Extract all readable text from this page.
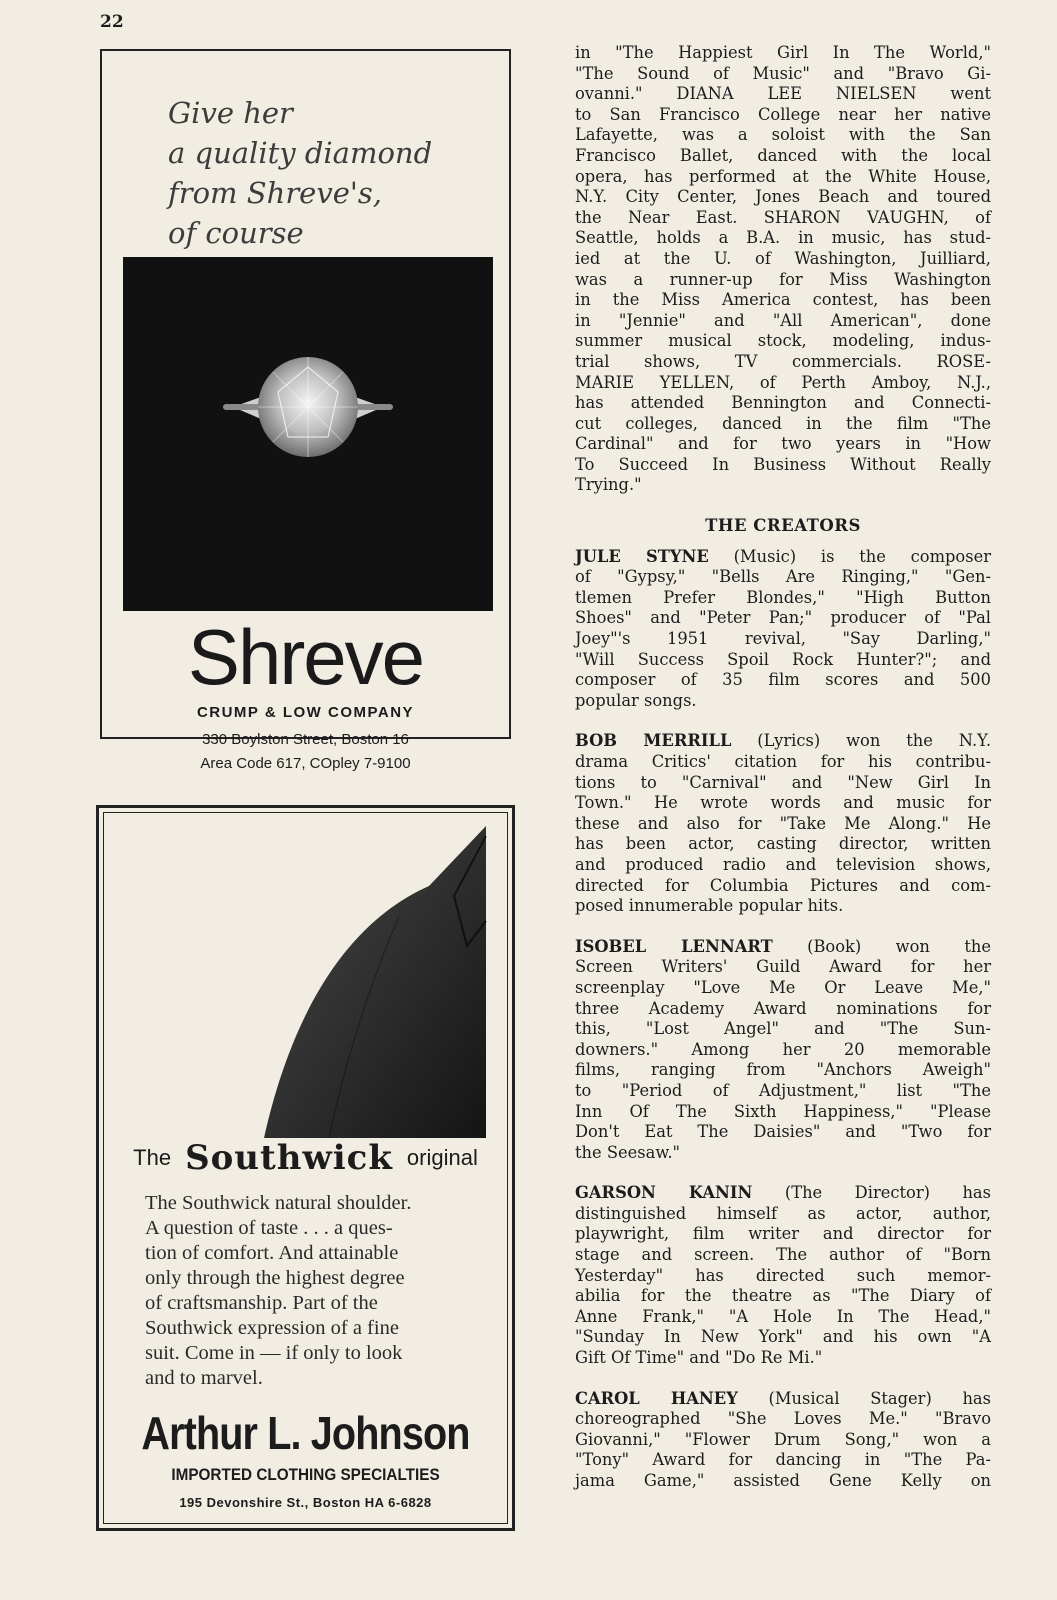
22
Give her
a quality diamond
from Shreve's,
of course
Shreve
CRUMP & LOW COMPANY
330 Boylston Street, Boston 16
Area Code 617, COpley 7-9100
The Southwick original
The Southwick natural shoulder.
A question of taste . . . a ques-
tion of comfort. And attainable
only through the highest degree
of craftsmanship. Part of the
Southwick expression of a fine
suit. Come in — if only to look
and to marvel.
Arthur L. Johnson
IMPORTED CLOTHING SPECIALTIES
195 Devonshire St., Boston HA 6-6828
in "The Happiest Girl In The World,"
"The Sound of Music" and "Bravo Gi-
ovanni." DIANA LEE NIELSEN went
to San Francisco College near her native
Lafayette, was a soloist with the San
Francisco Ballet, danced with the local
opera, has performed at the White House,
N.Y. City Center, Jones Beach and toured
the Near East. SHARON VAUGHN, of
Seattle, holds a B.A. in music, has stud-
ied at the U. of Washington, Juilliard,
was a runner-up for Miss Washington
in the Miss America contest, has been
in "Jennie" and "All American", done
summer musical stock, modeling, indus-
trial shows, TV commercials. ROSE-
MARIE YELLEN, of Perth Amboy, N.J.,
has attended Bennington and Connecti-
cut colleges, danced in the film "The
Cardinal" and for two years in "How
To Succeed In Business Without Really
Trying."
THE CREATORS
JULE STYNE (Music) is the composer
of "Gypsy," "Bells Are Ringing," "Gen-
tlemen Prefer Blondes," "High Button
Shoes" and "Peter Pan;" producer of "Pal
Joey"'s 1951 revival, "Say Darling,"
"Will Success Spoil Rock Hunter?"; and
composer of 35 film scores and 500
popular songs.
BOB MERRILL (Lyrics) won the N.Y.
drama Critics' citation for his contribu-
tions to "Carnival" and "New Girl In
Town." He wrote words and music for
these and also for "Take Me Along." He
has been actor, casting director, written
and produced radio and television shows,
directed for Columbia Pictures and com-
posed innumerable popular hits.
ISOBEL LENNART (Book) won the
Screen Writers' Guild Award for her
screenplay "Love Me Or Leave Me,"
three Academy Award nominations for
this, "Lost Angel" and "The Sun-
downers." Among her 20 memorable
films, ranging from "Anchors Aweigh"
to "Period of Adjustment," list "The
Inn Of The Sixth Happiness," "Please
Don't Eat The Daisies" and "Two for
the Seesaw."
GARSON KANIN (The Director) has
distinguished himself as actor, author,
playwright, film writer and director for
stage and screen. The author of "Born
Yesterday" has directed such memor-
abilia for the theatre as "The Diary of
Anne Frank," "A Hole In The Head,"
"Sunday In New York" and his own "A
Gift Of Time" and "Do Re Mi."
CAROL HANEY (Musical Stager) has
choreographed "She Loves Me." "Bravo
Giovanni," "Flower Drum Song," won a
"Tony" Award for dancing in "The Pa-
jama Game," assisted Gene Kelly on
